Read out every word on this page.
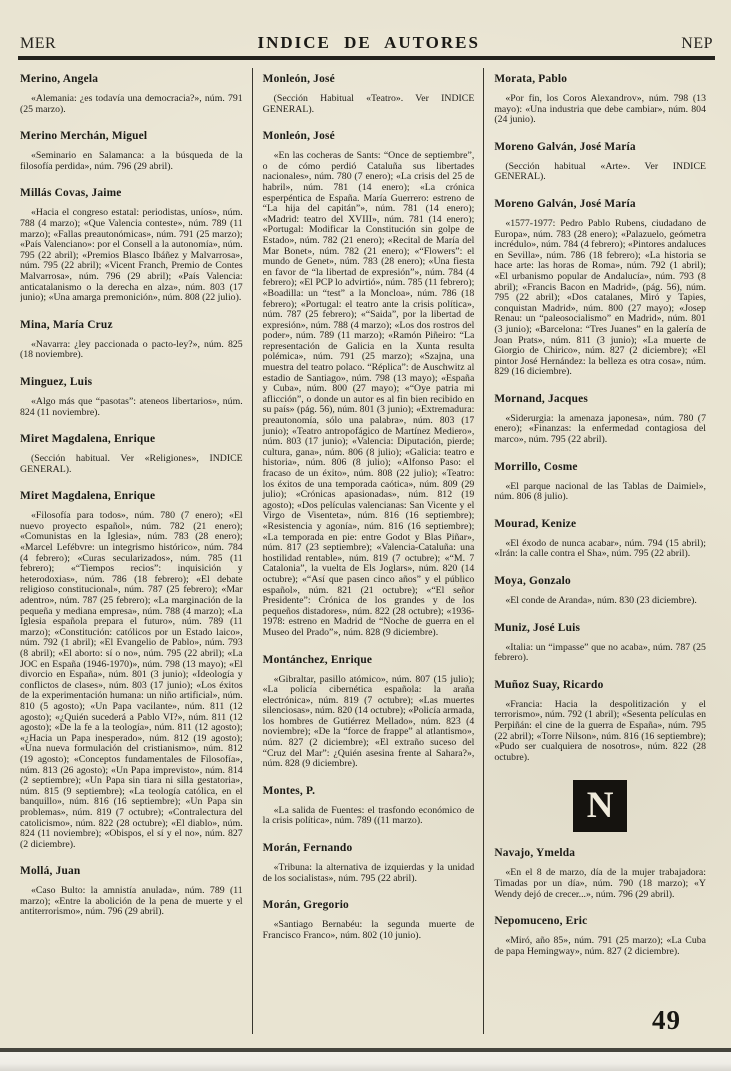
MER	INDICE DE AUTORES	NEP
Merino, Angela

«Alemania: ¿es todavía una democracia?», núm. 791 (25 marzo).

Merino Merchán, Miguel

«Seminario en Salamanca: a la búsqueda de la filosofía perdida», núm. 796 (29 abril).

Millás Covas, Jaime

«Hacia el congreso estatal: periodistas, uníos», núm. 788 (4 marzo); «Que Valencia conteste», núm. 789 (11 marzo); «Fallas preautonómicas», núm. 791 (25 marzo); «País Valenciano»: por el Consell a la autonomía», núm. 795 (22 abril); «Premios Blasco Ibáñez y Malvarrosa», núm. 795 (22 abril); «Vicent Franch, Premio de Contes Malvarrosa», núm. 796 (29 abril); «País Valencia: anticatalanismo o la derecha en alza», núm. 803 (17 junio); «Una amarga premonición», núm. 808 (22 julio).

Mina, María Cruz

«Navarra: ¿ley paccionada o pacto-ley?», núm. 825 (18 noviembre).

Minguez, Luis

«Algo más que “pasotas”: ateneos libertarios», núm. 824 (11 noviembre).

Miret Magdalena, Enrique

(Sección habitual. Ver «Religiones», INDICE GENERAL).

Miret Magdalena, Enrique

«Filosofía para todos», núm. 780 (7 enero); «El nuevo proyecto español», núm. 782 (21 enero); «Comunistas en la Iglesia», núm. 783 (28 enero); «Marcel Lefébvre: un integrismo histórico», núm. 784 (4 febrero); «Curas secularizados», núm. 785 (11 febrero); «“Tiempos recios”: inquisición y heterodoxias», núm. 786 (18 febrero); «El debate religioso constitucional», núm. 787 (25 febrero); «Mar adentro», núm. 787 (25 febrero); «La marginación de la pequeña y mediana empresa», núm. 788 (4 marzo); «La Iglesia española prepara el futuro», núm. 789 (11 marzo); «Constitución: católicos por un Estado laico», núm. 792 (1 abril); «El Evangelio de Pablo», núm. 793 (8 abril); «El aborto: sí o no», núm. 795 (22 abril); «La JOC en España (1946-1970)», núm. 798 (13 mayo); «El divorcio en España», núm. 801 (3 junio); «Ideología y conflictos de clases», núm. 803 (17 junio); «Los éxitos de la experimentación humana: un niño artificial», núm. 810 (5 agosto); «Un Papa vacilante», núm. 811 (12 agosto); «¿Quién sucederá a Pablo VI?», núm. 811 (12 agosto); «De la fe a la teología», núm. 811 (12 agosto); «¿Hacia un Papa inesperado», núm. 812 (19 agosto); «Una nueva formulación del cristianismo», núm. 812 (19 agosto); «Conceptos fundamentales de Filosofía», núm. 813 (26 agosto); «Un Papa imprevisto», núm. 814 (2 septiembre); «Un Papa sin tiara ni silla gestatoria», núm. 815 (9 septiembre); «La teología católica, en el banquillo», núm. 816 (16 septiembre); «Un Papa sin problemas», núm. 819 (7 octubre); «Contralectura del catolicismo», núm. 822 (28 octubre); «El diablo», núm. 824 (11 noviembre); «Obispos, el sí y el no», núm. 827 (2 diciembre).

Mollá, Juan

«Caso Bulto: la amnistía anulada», núm. 789 (11 marzo); «Entre la abolición de la pena de muerte y el antiterrorismo», núm. 796 (29 abril).

Monleón, José

(Sección Habitual «Teatro». Ver INDICE GENERAL).

Monleón, José

«En las cocheras de Sants: “Once de septiembre”, o de cómo perdió Cataluña sus libertades nacionales», núm. 780 (7 enero); «La crisis del 25 de habril», núm. 781 (14 enero); «La crónica esperpéntica de España. María Guerrero: estreno de “La hija del capitán”», núm. 781 (14 enero); «Madrid: teatro del XVIII», núm. 781 (14 enero); «Portugal: Modificar la Constitución sin golpe de Estado», núm. 782 (21 enero); «Recital de María del Mar Bonet», núm. 782 (21 enero); «“Flowers”: el mundo de Genet», núm. 783 (28 enero); «Una fiesta en favor de “la libertad de expresión”», núm. 784 (4 febrero); «El PCP lo advirtió», núm. 785 (11 febrero); «Boadilla: un “test” a la Moncloa», núm. 786 (18 febrero); «Portugal: el teatro ante la crisis política», núm. 787 (25 febrero); «“Saida”, por la libertad de expresión», núm. 788 (4 marzo); «Los dos rostros del poder», núm. 789 (11 marzo); «Ramón Piñeiro: “La representación de Galicia en la Xunta resulta polémica», núm. 791 (25 marzo); «Szajna, una muestra del teatro polaco. “Réplica”: de Auschwitz al estadio de Santiago», núm. 798 (13 mayo); «España y Cuba», núm. 800 (27 mayo); «“Oye patria mi aflicción”, o donde un autor es al fin bien recibido en su país» (pág. 56), núm. 801 (3 junio); «Extremadura: preautonomía, sólo una palabra», núm. 803 (17 junio); «Teatro antropofágico de Martínez Mediero», núm. 803 (17 junio); «Valencia: Diputación, pierde; cultura, gana», núm. 806 (8 julio); «Galicia: teatro e historia», núm. 806 (8 julio); «Alfonso Paso: el fracaso de un éxito», núm. 808 (22 julio); «Teatro: los éxitos de una temporada caótica», núm. 809 (29 julio); «Crónicas apasionadas», núm. 812 (19 agosto); «Dos películas valencianas: San Vicente y el Virgo de Visenteta», núm. 816 (16 septiembre); «Resistencia y agonía», núm. 816 (16 septiembre); «La temporada en pie: entre Godot y Blas Piñar», núm. 817 (23 septiembre); «Valencia-Cataluña: una hostilidad rentable», núm. 819 (7 octubre); «“M. 7 Catalonia”, la vuelta de Els Joglars», núm. 820 (14 octubre); «“Así que pasen cinco años” y el público español», núm. 821 (21 octubre); «“El señor Presidente”: Crónica de los grandes y de los pequeños distadores», núm. 822 (28 octubre); «1936-1978: estreno en Madrid de “Noche de guerra en el Museo del Prado”», núm. 828 (9 diciembre).

Montánchez, Enrique

«Gibraltar, pasillo atómico», núm. 807 (15 julio); «La policía cibernética española: la araña electrónica», núm. 819 (7 octubre); «Las muertes silenciosas», núm. 820 (14 octubre); «Policía armada, los hombres de Gutiérrez Mellado», núm. 823 (4 noviembre); «De la “force de frappe” al atlantismo», núm. 827 (2 diciembre); «El extraño suceso del “Cruz del Mar”: ¿Quién asesina frente al Sahara?», núm. 828 (9 diciembre).

Montes, P.

«La salida de Fuentes: el trasfondo económico de la crisis política», núm. 789 ((11 marzo).

Morán, Fernando

«Tribuna: la alternativa de izquierdas y la unidad de los socialistas», núm. 795 (22 abril).

Morán, Gregorio

«Santiago Bernabéu: la segunda muerte de Francisco Franco», núm. 802 (10 junio).

Morata, Pablo

«Por fin, los Coros Alexandrov», núm. 798 (13 mayo): «Una industria que debe cambiar», núm. 804 (24 junio).

Moreno Galván, José María

(Sección habitual «Arte». Ver INDICE GENERAL).

Moreno Galván, José María

«1577-1977: Pedro Pablo Rubens, ciudadano de Europa», núm. 783 (28 enero); «Palazuelo, geómetra incrédulo», núm. 784 (4 febrero); «Pintores andaluces en Sevilla», núm. 786 (18 febrero); «La historia se hace arte: las horas de Roma», núm. 792 (1 abril); «El urbanismo popular de Andalucía», núm. 793 (8 abril); «Francis Bacon en Madrid», (pág. 56), núm. 795 (22 abril); «Dos catalanes, Miró y Tapies, conquistan Madrid», núm. 800 (27 mayo); «Josep Renau: un “paleosocialismo” en Madrid», núm. 801 (3 junio); «Barcelona: “Tres Juanes” en la galería de Joan Prats», núm. 811 (3 junio); «La muerte de Giorgio de Chirico», núm. 827 (2 diciembre); «El pintor José Hernández: la belleza es otra cosa», núm. 829 (16 diciembre).

Mornand, Jacques

«Siderurgia: la amenaza japonesa», núm. 780 (7 enero); «Finanzas: la enfermedad contagiosa del marco», núm. 795 (22 abril).

Morrillo, Cosme

«El parque nacional de las Tablas de Daimiel», núm. 806 (8 julio).

Mourad, Kenize

«El éxodo de nunca acabar», núm. 794 (15 abril); «Irán: la calle contra el Sha», núm. 795 (22 abril).

Moya, Gonzalo

«El conde de Aranda», núm. 830 (23 diciembre).

Muniz, José Luis

«Italia: un “impasse” que no acaba», núm. 787 (25 febrero).

Muñoz Suay, Ricardo

«Francia: Hacia la despolitización y el terrorismo», núm. 792 (1 abril); «Sesenta películas en Perpiñán: el cine de la guerra de España», núm. 795 (22 abril); «Torre Nilson», núm. 816 (16 septiembre); «Pudo ser cualquiera de nosotros», núm. 822 (28 octubre).

N
Navajo, Ymelda

«En el 8 de marzo, día de la mujer trabajadora: Timadas por un día», núm. 790 (18 marzo); «Y Wendy dejó de crecer...», núm. 796 (29 abril).

Nepomuceno, Eric

«Miró, año 85», núm. 791 (25 marzo); «La Cuba de papa Hemingway», núm. 827 (2 diciembre).

49
